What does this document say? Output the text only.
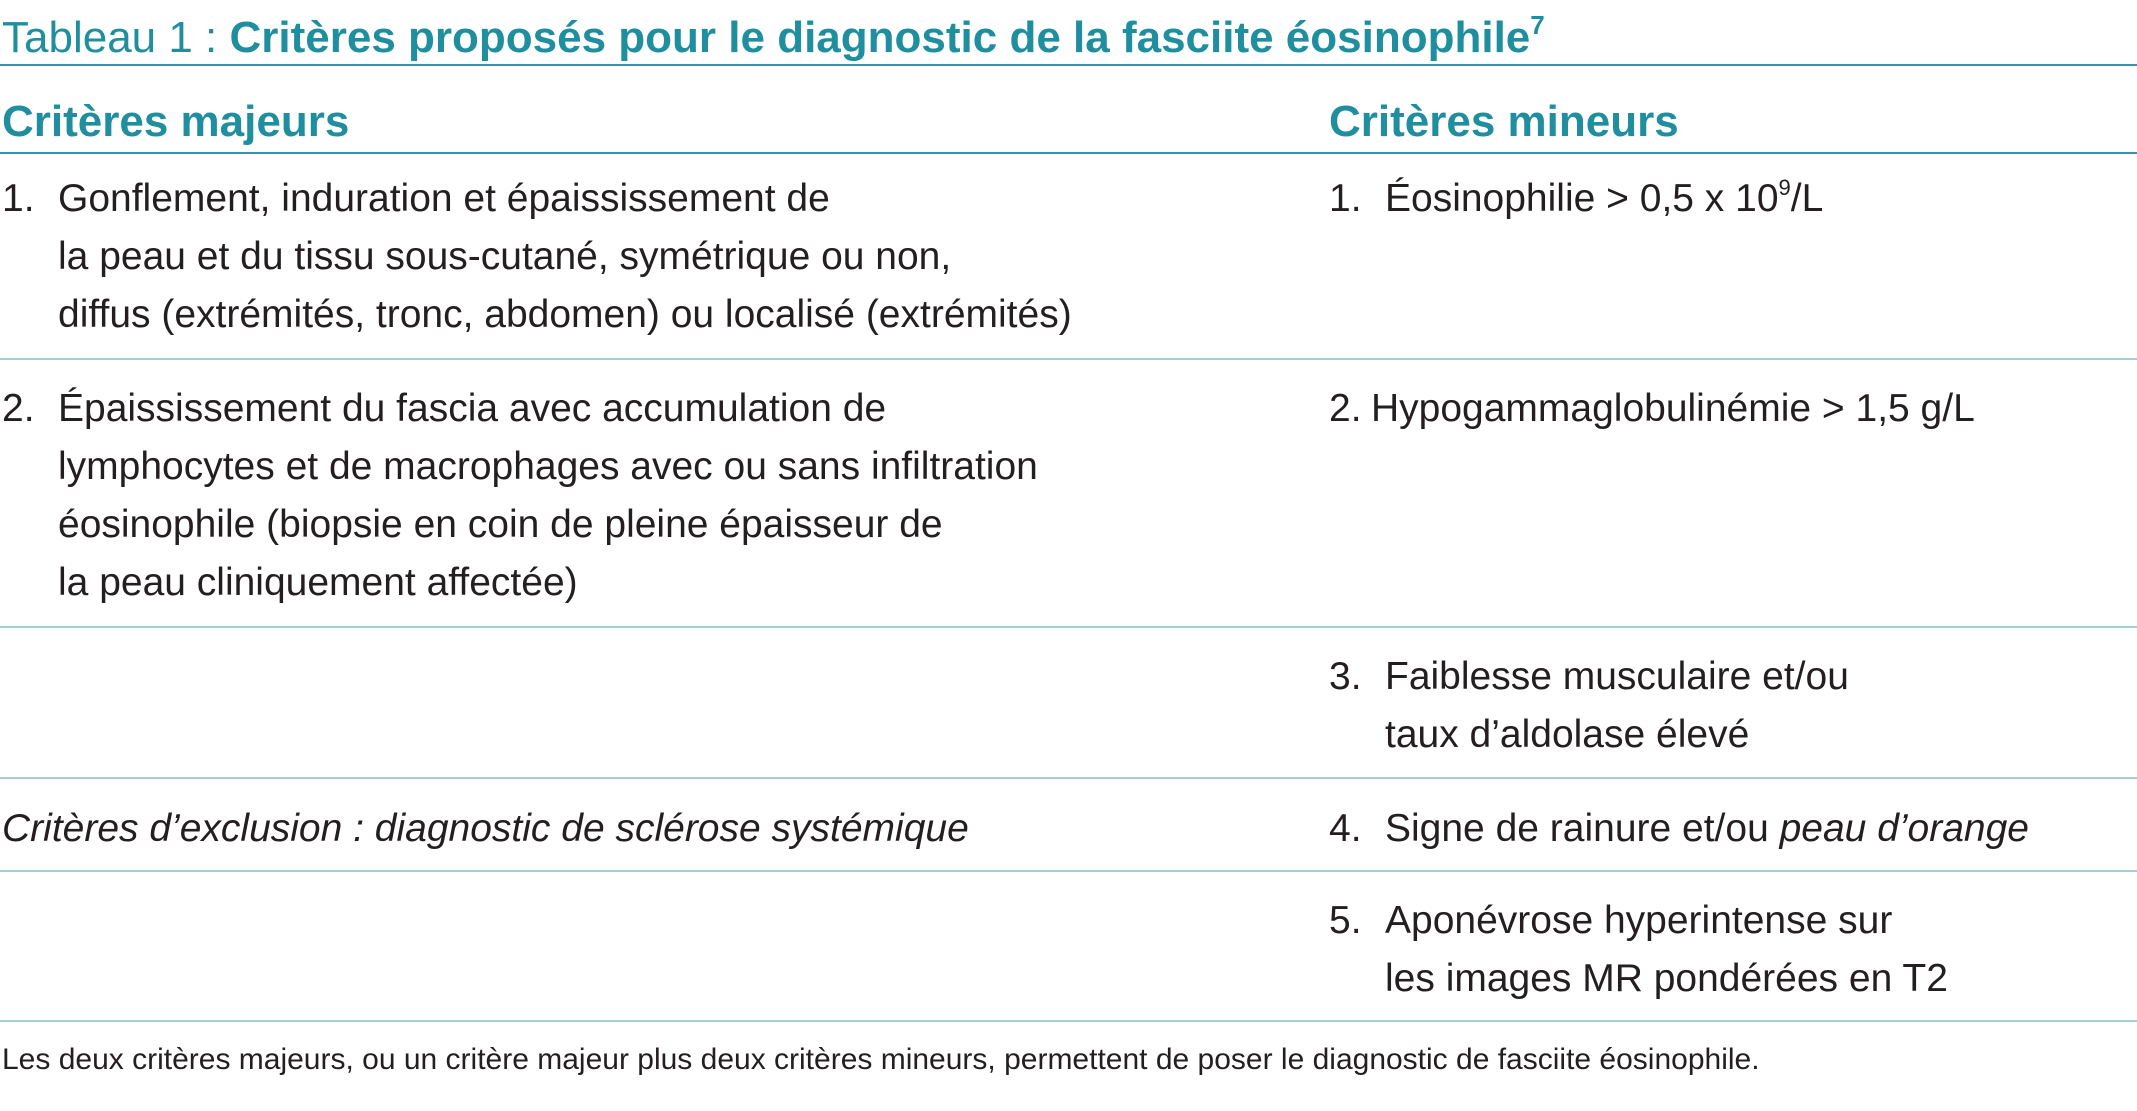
Tableau 1 : Critères proposés pour le diagnostic de la fasciite éosinophile$^7$
Critères majeurs	Critères mineurs
1. Gonflement, induration et épaississement de
la peau et du tissu sous-cutané, symétrique ou non,
diffus (extrémités, tronc, abdomen) ou localisé (extrémités)
1. Éosinophilie > 0,5 x $10^9/L$
2. Épaississement du fascia avec accumulation de
lymphocytes et de macrophages avec ou sans infiltration
éosinophile (biopsie en coin de pleine épaisseur de
la peau cliniquement affectée)
2. Hypogammaglobulinémie > 1,5 g/L
3. Faiblesse musculaire et/ou
taux d’aldolase élevé
Critères d’exclusion : diagnostic de sclérose systémique	4. Signe de rainure et/ou peau d’orange
5. Aponévrose hyperintense sur
les images MR pondérées en T2
Les deux critères majeurs, ou un critère majeur plus deux critères mineurs, permettent de poser le diagnostic de fasciite éosinophile.
